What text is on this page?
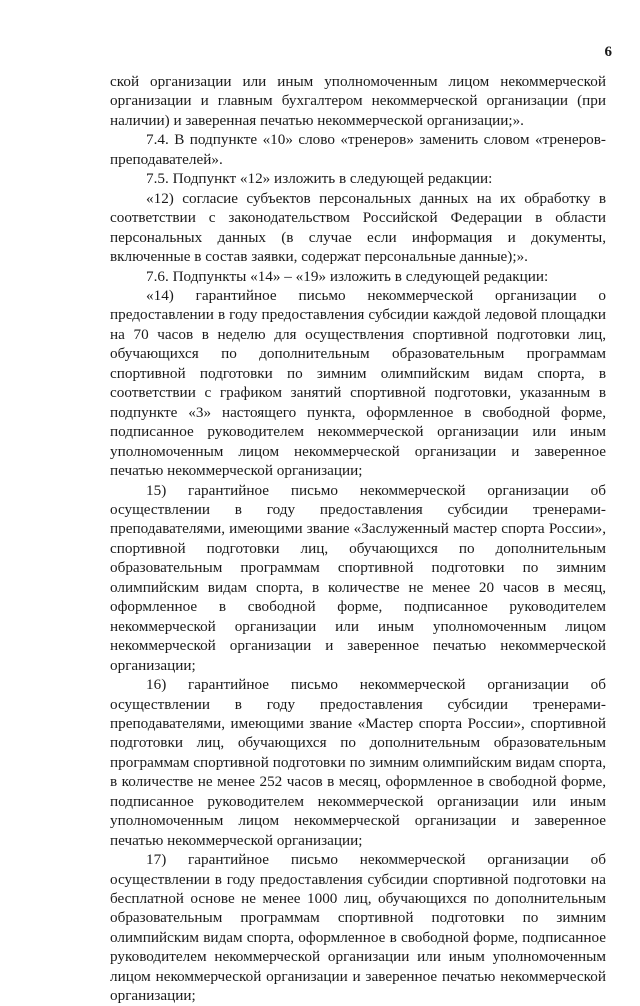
6

ской организации или иным уполномоченным лицом некоммерческой организации и главным бухгалтером некоммерческой организации (при наличии) и заверенная печатью некоммерческой организации;».

7.4. В подпункте «10» слово «тренеров» заменить словом «тренеров-преподавателей».

7.5. Подпункт «12» изложить в следующей редакции:

«12) согласие субъектов персональных данных на их обработку в соответствии с законодательством Российской Федерации в области персональных данных (в случае если информация и документы, включенные в состав заявки, содержат персональные данные);».

7.6. Подпункты «14» – «19» изложить в следующей редакции:

«14) гарантийное письмо некоммерческой организации о предоставлении в году предоставления субсидии каждой ледовой площадки на 70 часов в неделю для осуществления спортивной подготовки лиц, обучающихся по дополнительным образовательным программам спортивной подготовки по зимним олимпийским видам спорта, в соответствии с графиком занятий спортивной подготовки, указанным в подпункте «3» настоящего пункта, оформленное в свободной форме, подписанное руководителем некоммерческой организации или иным уполномоченным лицом некоммерческой организации и заверенное печатью некоммерческой организации;

15) гарантийное письмо некоммерческой организации об осуществлении в году предоставления субсидии тренерами-преподавателями, имеющими звание «Заслуженный мастер спорта России», спортивной подготовки лиц, обучающихся по дополнительным образовательным программам спортивной подготовки по зимним олимпийским видам спорта, в количестве не менее 20 часов в месяц, оформленное в свободной форме, подписанное руководителем некоммерческой организации или иным уполномоченным лицом некоммерческой организации и заверенное печатью некоммерческой организации;

16) гарантийное письмо некоммерческой организации об осуществлении в году предоставления субсидии тренерами-преподавателями, имеющими звание «Мастер спорта России», спортивной подготовки лиц, обучающихся по дополнительным образовательным программам спортивной подготовки по зимним олимпийским видам спорта, в количестве не менее 252 часов в месяц, оформленное в свободной форме, подписанное руководителем некоммерческой организации или иным уполномоченным лицом некоммерческой организации и заверенное печатью некоммерческой организации;

17) гарантийное письмо некоммерческой организации об осуществлении в году предоставления субсидии спортивной подготовки на бесплатной основе не менее 1000 лиц, обучающихся по дополнительным образовательным программам спортивной подготовки по зимним олимпийским видам спорта, оформленное в свободной форме, подписанное руководителем некоммерческой организации или иным уполномоченным лицом некоммерческой организации и заверенное печатью некоммерческой организации;
